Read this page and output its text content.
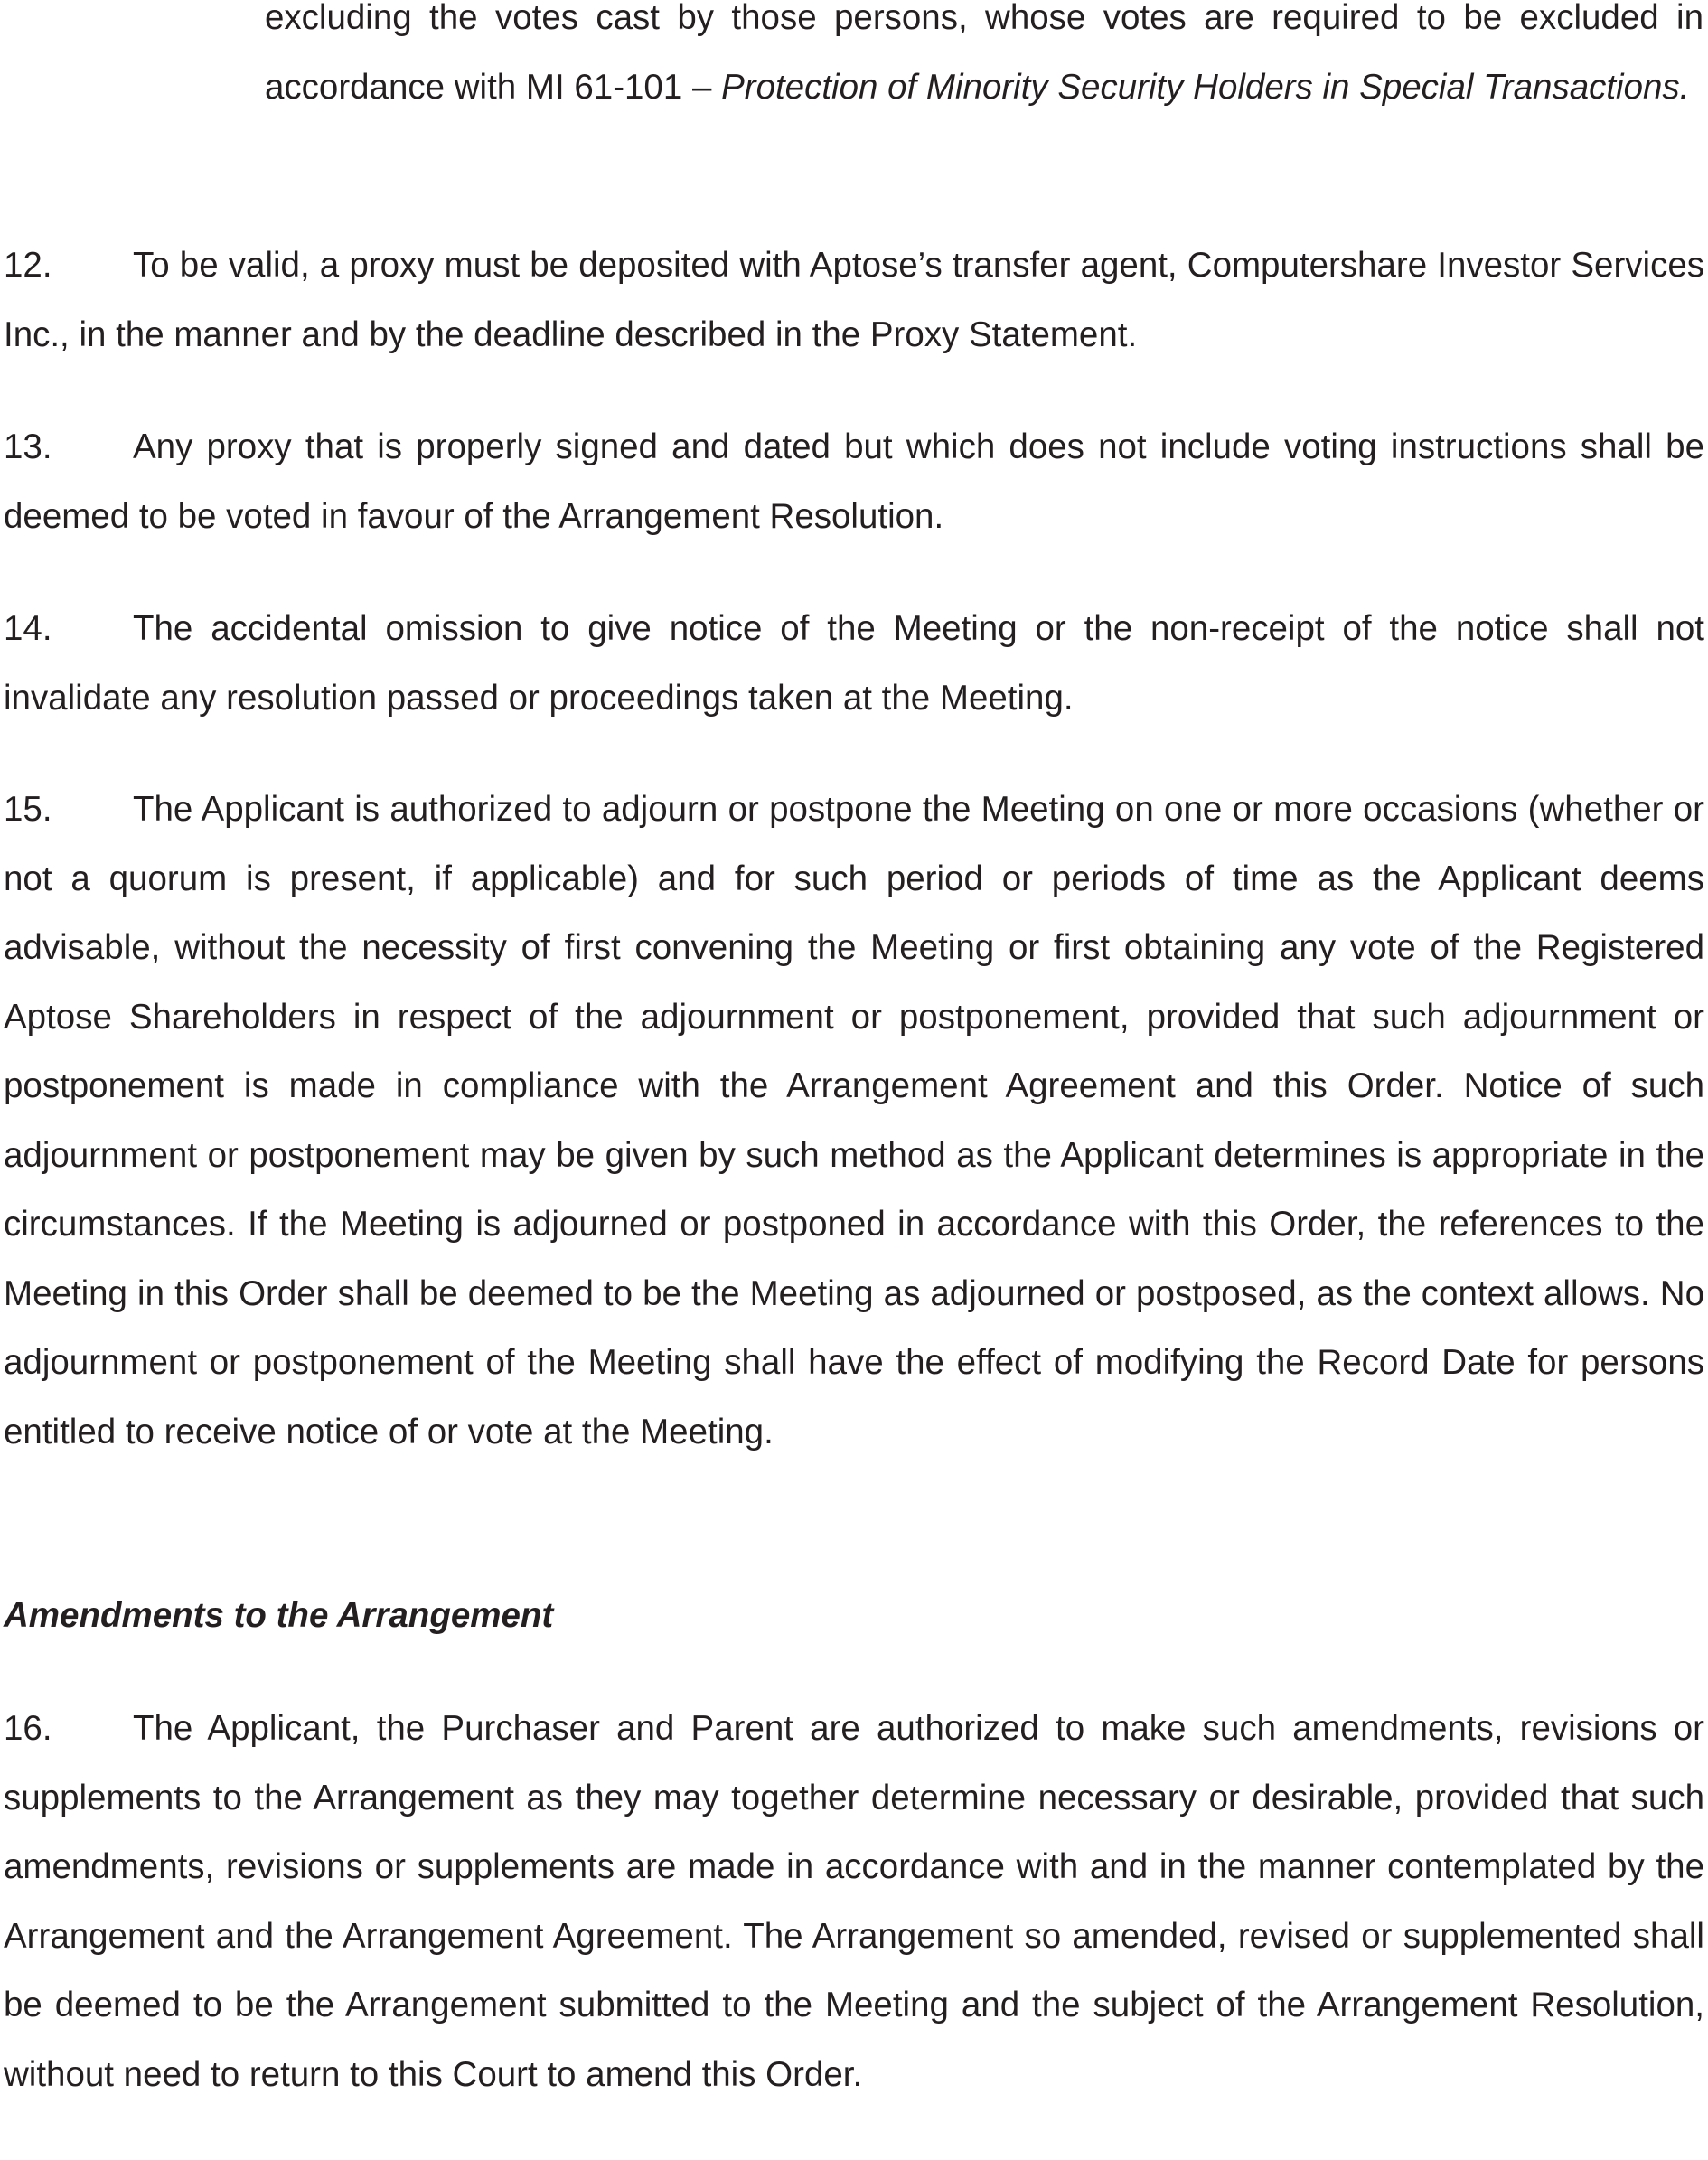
excluding the votes cast by those persons, whose votes are required to be excluded in accordance with MI 61-101 – Protection of Minority Security Holders in Special Transactions.

12. To be valid, a proxy must be deposited with Aptose’s transfer agent, Computershare Investor Services Inc., in the manner and by the deadline described in the Proxy Statement.

13. Any proxy that is properly signed and dated but which does not include voting instructions shall be deemed to be voted in favour of the Arrangement Resolution.

14. The accidental omission to give notice of the Meeting or the non-receipt of the notice shall not invalidate any resolution passed or proceedings taken at the Meeting.

15. The Applicant is authorized to adjourn or postpone the Meeting on one or more occasions (whether or not a quorum is present, if applicable) and for such period or periods of time as the Applicant deems advisable, without the necessity of first convening the Meeting or first obtaining any vote of the Registered Aptose Shareholders in respect of the adjournment or postponement, provided that such adjournment or postponement is made in compliance with the Arrangement Agreement and this Order. Notice of such adjournment or postponement may be given by such method as the Applicant determines is appropriate in the circumstances. If the Meeting is adjourned or postponed in accordance with this Order, the references to the Meeting in this Order shall be deemed to be the Meeting as adjourned or postposed, as the context allows. No adjournment or postponement of the Meeting shall have the effect of modifying the Record Date for persons entitled to receive notice of or vote at the Meeting.

Amendments to the Arrangement

16. The Applicant, the Purchaser and Parent are authorized to make such amendments, revisions or supplements to the Arrangement as they may together determine necessary or desirable, provided that such amendments, revisions or supplements are made in accordance with and in the manner contemplated by the Arrangement and the Arrangement Agreement. The Arrangement so amended, revised or supplemented shall be deemed to be the Arrangement submitted to the Meeting and the subject of the Arrangement Resolution, without need to return to this Court to amend this Order.
